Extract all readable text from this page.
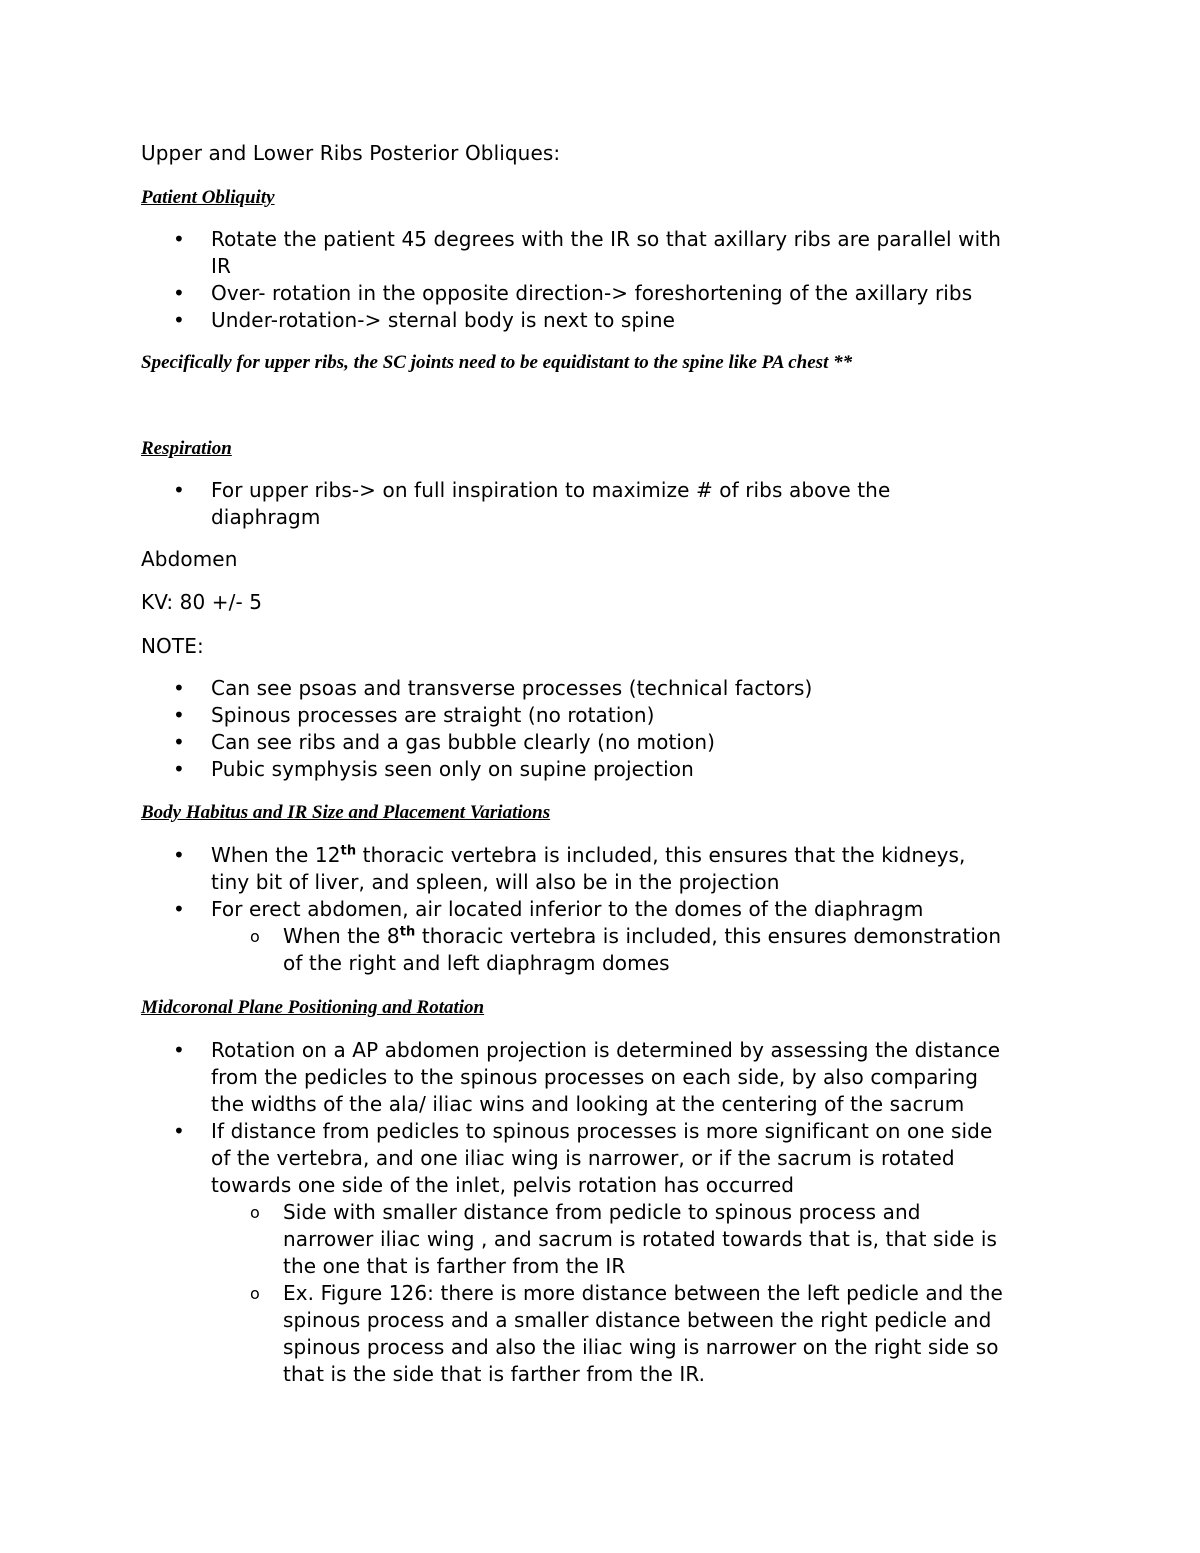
Upper and Lower Ribs Posterior Obliques:

Patient Obliquity

• Rotate the patient 45 degrees with the IR so that axillary ribs are parallel with
IR
• Over- rotation in the opposite direction-> foreshortening of the axillary ribs
• Under-rotation-> sternal body is next to spine

Specifically for upper ribs, the SC joints need to be equidistant to the spine like PA chest **

Respiration

• For upper ribs-> on full inspiration to maximize # of ribs above the
diaphragm

Abdomen

KV: 80 +/- 5

NOTE:

• Can see psoas and transverse processes (technical factors)
• Spinous processes are straight (no rotation)
• Can see ribs and a gas bubble clearly (no motion)
• Pubic symphysis seen only on supine projection

Body Habitus and IR Size and Placement Variations

• When the 12th thoracic vertebra is included, this ensures that the kidneys,
tiny bit of liver, and spleen, will also be in the projection
• For erect abdomen, air located inferior to the domes of the diaphragm
o When the 8th thoracic vertebra is included, this ensures demonstration
of the right and left diaphragm domes

Midcoronal Plane Positioning and Rotation

• Rotation on a AP abdomen projection is determined by assessing the distance
from the pedicles to the spinous processes on each side, by also comparing
the widths of the ala/ iliac wins and looking at the centering of the sacrum
• If distance from pedicles to spinous processes is more significant on one side
of the vertebra, and one iliac wing is narrower, or if the sacrum is rotated
towards one side of the inlet, pelvis rotation has occurred
o Side with smaller distance from pedicle to spinous process and
narrower iliac wing , and sacrum is rotated towards that is, that side is
the one that is farther from the IR
o Ex. Figure 126: there is more distance between the left pedicle and the
spinous process and a smaller distance between the right pedicle and
spinous process and also the iliac wing is narrower on the right side so
that is the side that is farther from the IR.
